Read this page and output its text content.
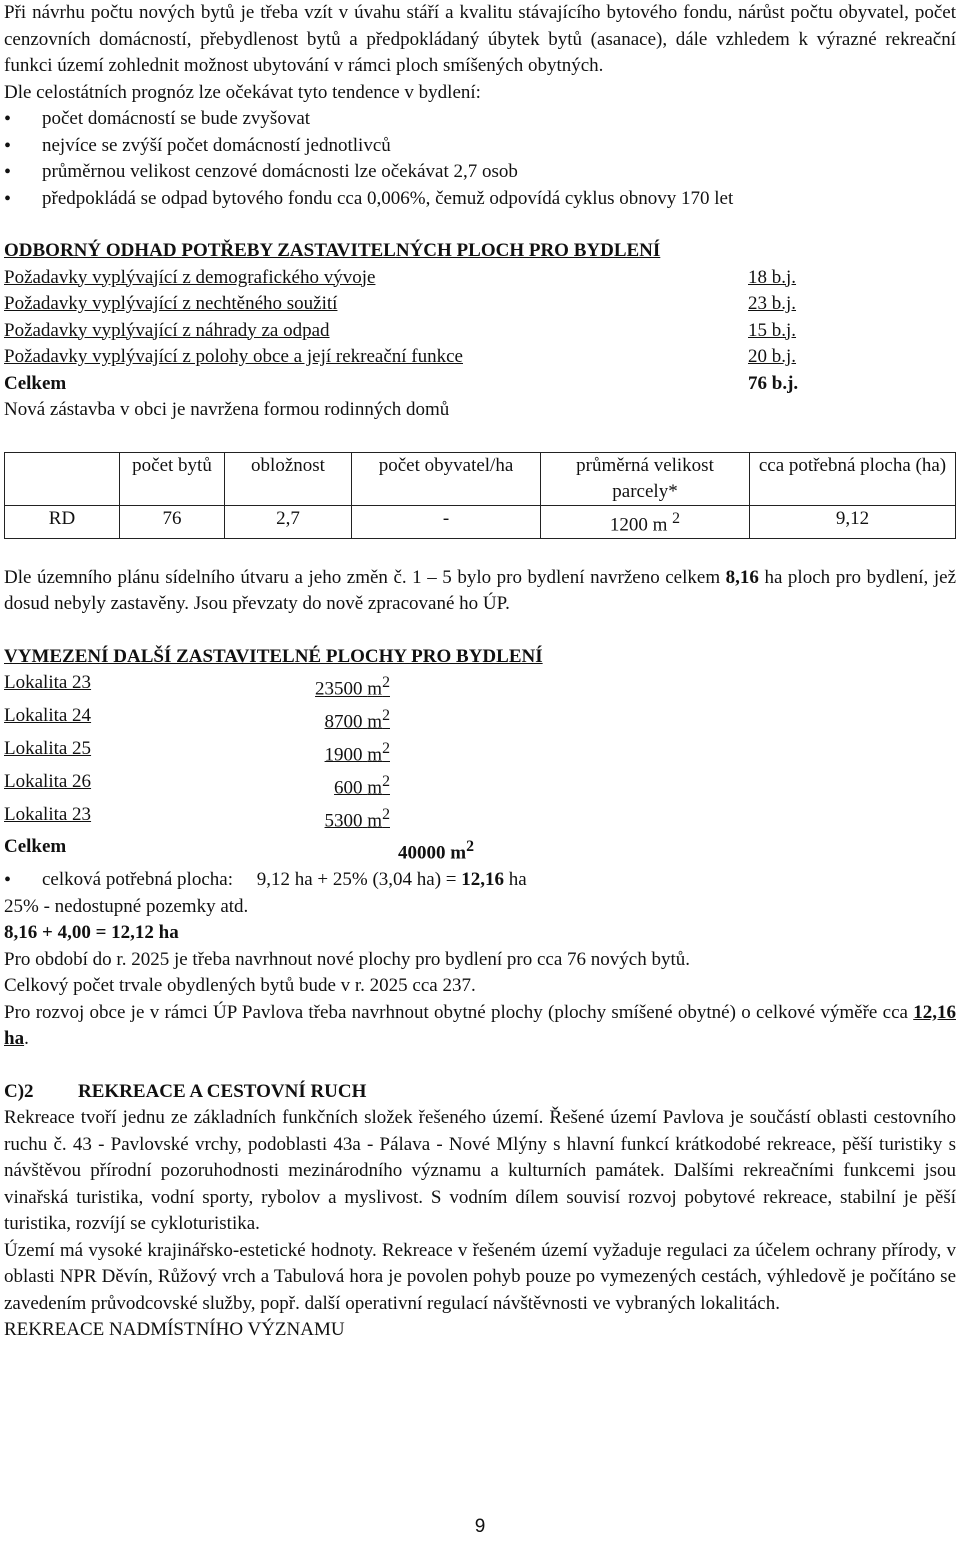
Při návrhu počtu nových bytů je třeba vzít v úvahu stáří a kvalitu stávajícího bytového fondu, nárůst počtu obyvatel, počet cenzovních domácností, přebydlenost bytů a předpokládaný úbytek bytů (asanace), dále vzhledem k výrazné rekreační funkci území zohlednit možnost ubytování v rámci ploch smíšených obytných.

Dle celostátních prognóz lze očekávat tyto tendence v bydlení:

• počet domácností se bude zvyšovat
• nejvíce se zvýší počet domácností jednotlivců
• průměrnou velikost cenzové domácnosti lze očekávat 2,7 osob
• předpokládá se odpad bytového fondu cca 0,006%, čemuž odpovídá cyklus obnovy 170 let

ODBORNÝ ODHAD POTŘEBY ZASTAVITELNÝCH PLOCH PRO BYDLENÍ

Požadavky vyplývající z demografického vývoje	18 b.j.
Požadavky vyplývající z nechtěného soužití	23 b.j.
Požadavky vyplývající z náhrady za odpad	15 b.j.
Požadavky vyplývající z polohy obce a její rekreační funkce	20 b.j.
Celkem	76 b.j.

Nová zástavba v obci je navržena formou rodinných domů

	počet bytů	obložnost	počet obyvatel/ha	průměrná velikost parcely*	cca potřebná plocha (ha)
RD	76	2,7	-	1200 m $^2$	9,12

Dle územního plánu sídelního útvaru a jeho změn č. 1 – 5 bylo pro bydlení navrženo celkem 8,16 ha ploch pro bydlení, jež dosud nebyly zastavěny. Jsou převzaty do nově zpracované ho ÚP.

VYMEZENÍ DALŠÍ ZASTAVITELNÉ PLOCHY PRO BYDLENÍ

Lokalita 23	23500 $m^2$
Lokalita 24	8700 $m^2$
Lokalita 25	1900 $m^2$
Lokalita 26	600 $m^2$
Lokalita 23	5300 $m^2$
Celkem	40000 $m^2$
• celková potřebná plocha:     9,12 ha + 25% (3,04 ha) = 12,16 ha

25% - nedostupné pozemky atd.

8,16 + 4,00 = 12,12 ha

Pro období do r. 2025 je třeba navrhnout nové plochy pro bydlení pro cca 76 nových bytů.

Celkový počet trvale obydlených bytů bude v r. 2025 cca 237.

Pro rozvoj obce je v rámci ÚP Pavlova třeba navrhnout obytné plochy (plochy smíšené obytné) o celkové výměře cca 12,16 ha.

C)2 REKREACE A CESTOVNÍ RUCH

Rekreace tvoří jednu ze základních funkčních složek řešeného území. Řešené území Pavlova je součástí oblasti cestovního ruchu č. 43 - Pavlovské vrchy, podoblasti 43a - Pálava - Nové Mlýny s hlavní funkcí krátkodobé rekreace, pěší turistiky s návštěvou přírodní pozoruhodnosti mezinárodního významu a kulturních památek. Dalšími rekreačními funkcemi jsou vinařská turistika, vodní sporty, rybolov a myslivost. S vodním dílem souvisí rozvoj pobytové rekreace, stabilní je pěší turistika, rozvíjí se cykloturistika.

Území má vysoké krajinářsko-estetické hodnoty. Rekreace v řešeném území vyžaduje regulaci za účelem ochrany přírody, v oblasti NPR Děvín, Růžový vrch a Tabulová hora je povolen pohyb pouze po vymezených cestách, výhledově je počítáno se zavedením průvodcovské služby, popř. další operativní regulací návštěvnosti ve vybraných lokalitách.

REKREACE NADMÍSTNÍHO VÝZNAMU

9
